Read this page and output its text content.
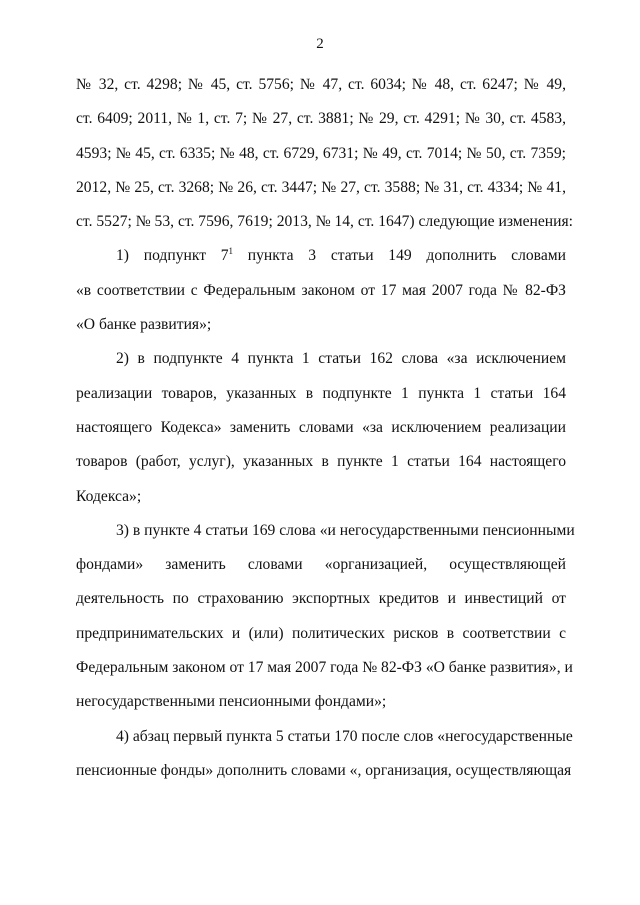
2
№ 32, ст. 4298; № 45, ст. 5756; № 47, ст. 6034; № 48, ст. 6247; № 49,
ст. 6409; 2011, № 1, ст. 7; № 27, ст. 3881; № 29, ст. 4291; № 30, ст. 4583,
4593; № 45, ст. 6335; № 48, ст. 6729, 6731; № 49, ст. 7014; № 50, ст. 7359;
2012, № 25, ст. 3268; № 26, ст. 3447; № 27, ст. 3588; № 31, ст. 4334; № 41,
ст. 5527; № 53, ст. 7596, 7619; 2013, № 14, ст. 1647) следующие изменения:
1) подпункт $7^1$ пункта 3 статьи 149 дополнить словами
«в соответствии с Федеральным законом от 17 мая 2007 года № 82-ФЗ
«О банке развития»;
2) в подпункте 4 пункта 1 статьи 162 слова «за исключением
реализации товаров, указанных в подпункте 1 пункта 1 статьи 164
настоящего Кодекса» заменить словами «за исключением реализации
товаров (работ, услуг), указанных в пункте 1 статьи 164 настоящего
Кодекса»;
3) в пункте 4 статьи 169 слова «и негосударственными пенсионными
фондами» заменить словами «организацией, осуществляющей
деятельность по страхованию экспортных кредитов и инвестиций от
предпринимательских и (или) политических рисков в соответствии с
Федеральным законом от 17 мая 2007 года № 82-ФЗ «О банке развития», и
негосударственными пенсионными фондами»;
4) абзац первый пункта 5 статьи 170 после слов «негосударственные
пенсионные фонды» дополнить словами «, организация, осуществляющая
